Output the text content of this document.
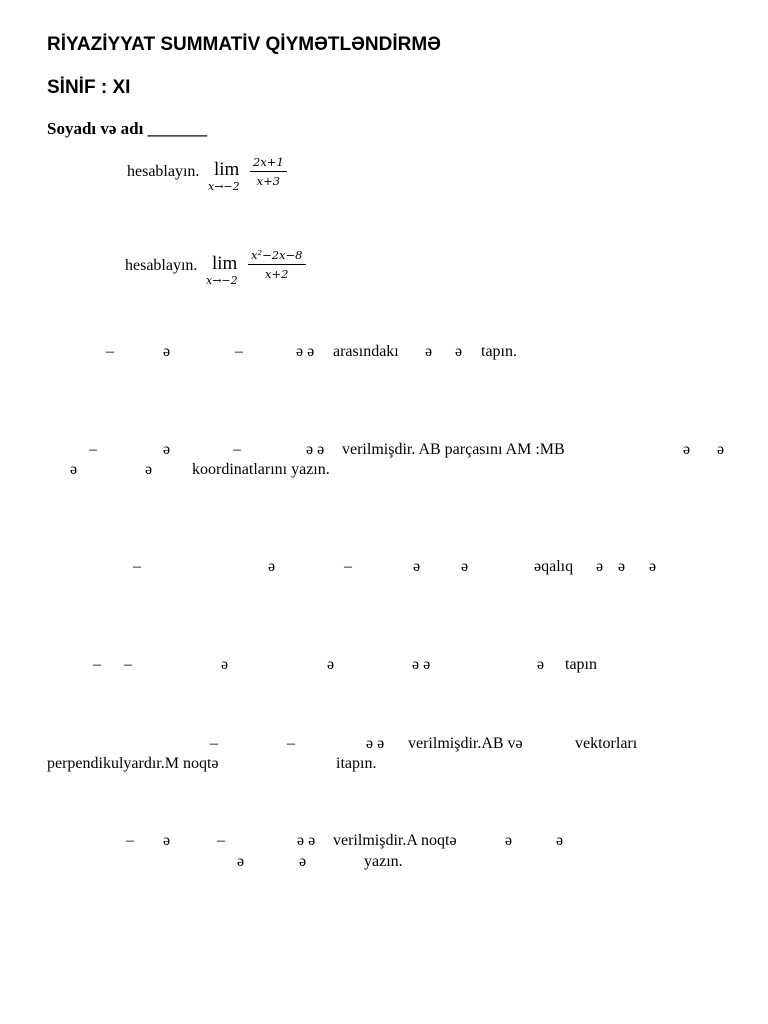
RİYAZİYYAT SUMMATİV QİYMƏTLƏNDİRMƏ
SİNİF : XI
Soyadı və adı _______
hesablayın. lim
$x\to-2 \frac{2x+1}{x+3}$
hesablayın. lim
$x\to-2 \frac{\text{x²−2x−8}}{x+2}$
–	ə	–	ə ə arasındakı ə ə tapın.
–	ə	–	ə ə verilmişdir. AB parçasını AM :MB	ə ə
ə	ə koordinatlarını yazın.
–	ə	–	ə	ə	əqalıq ə ə ə
– –	ə	ə	ə ə	ə tapın
–	–	ə ə verilmişdir.AB və	vektorları
perpendikulyardır.M noqtə	itapın.
– ə	–	ə ə verilmişdir.A noqtə	ə	ə
ə	ə	yazın.
